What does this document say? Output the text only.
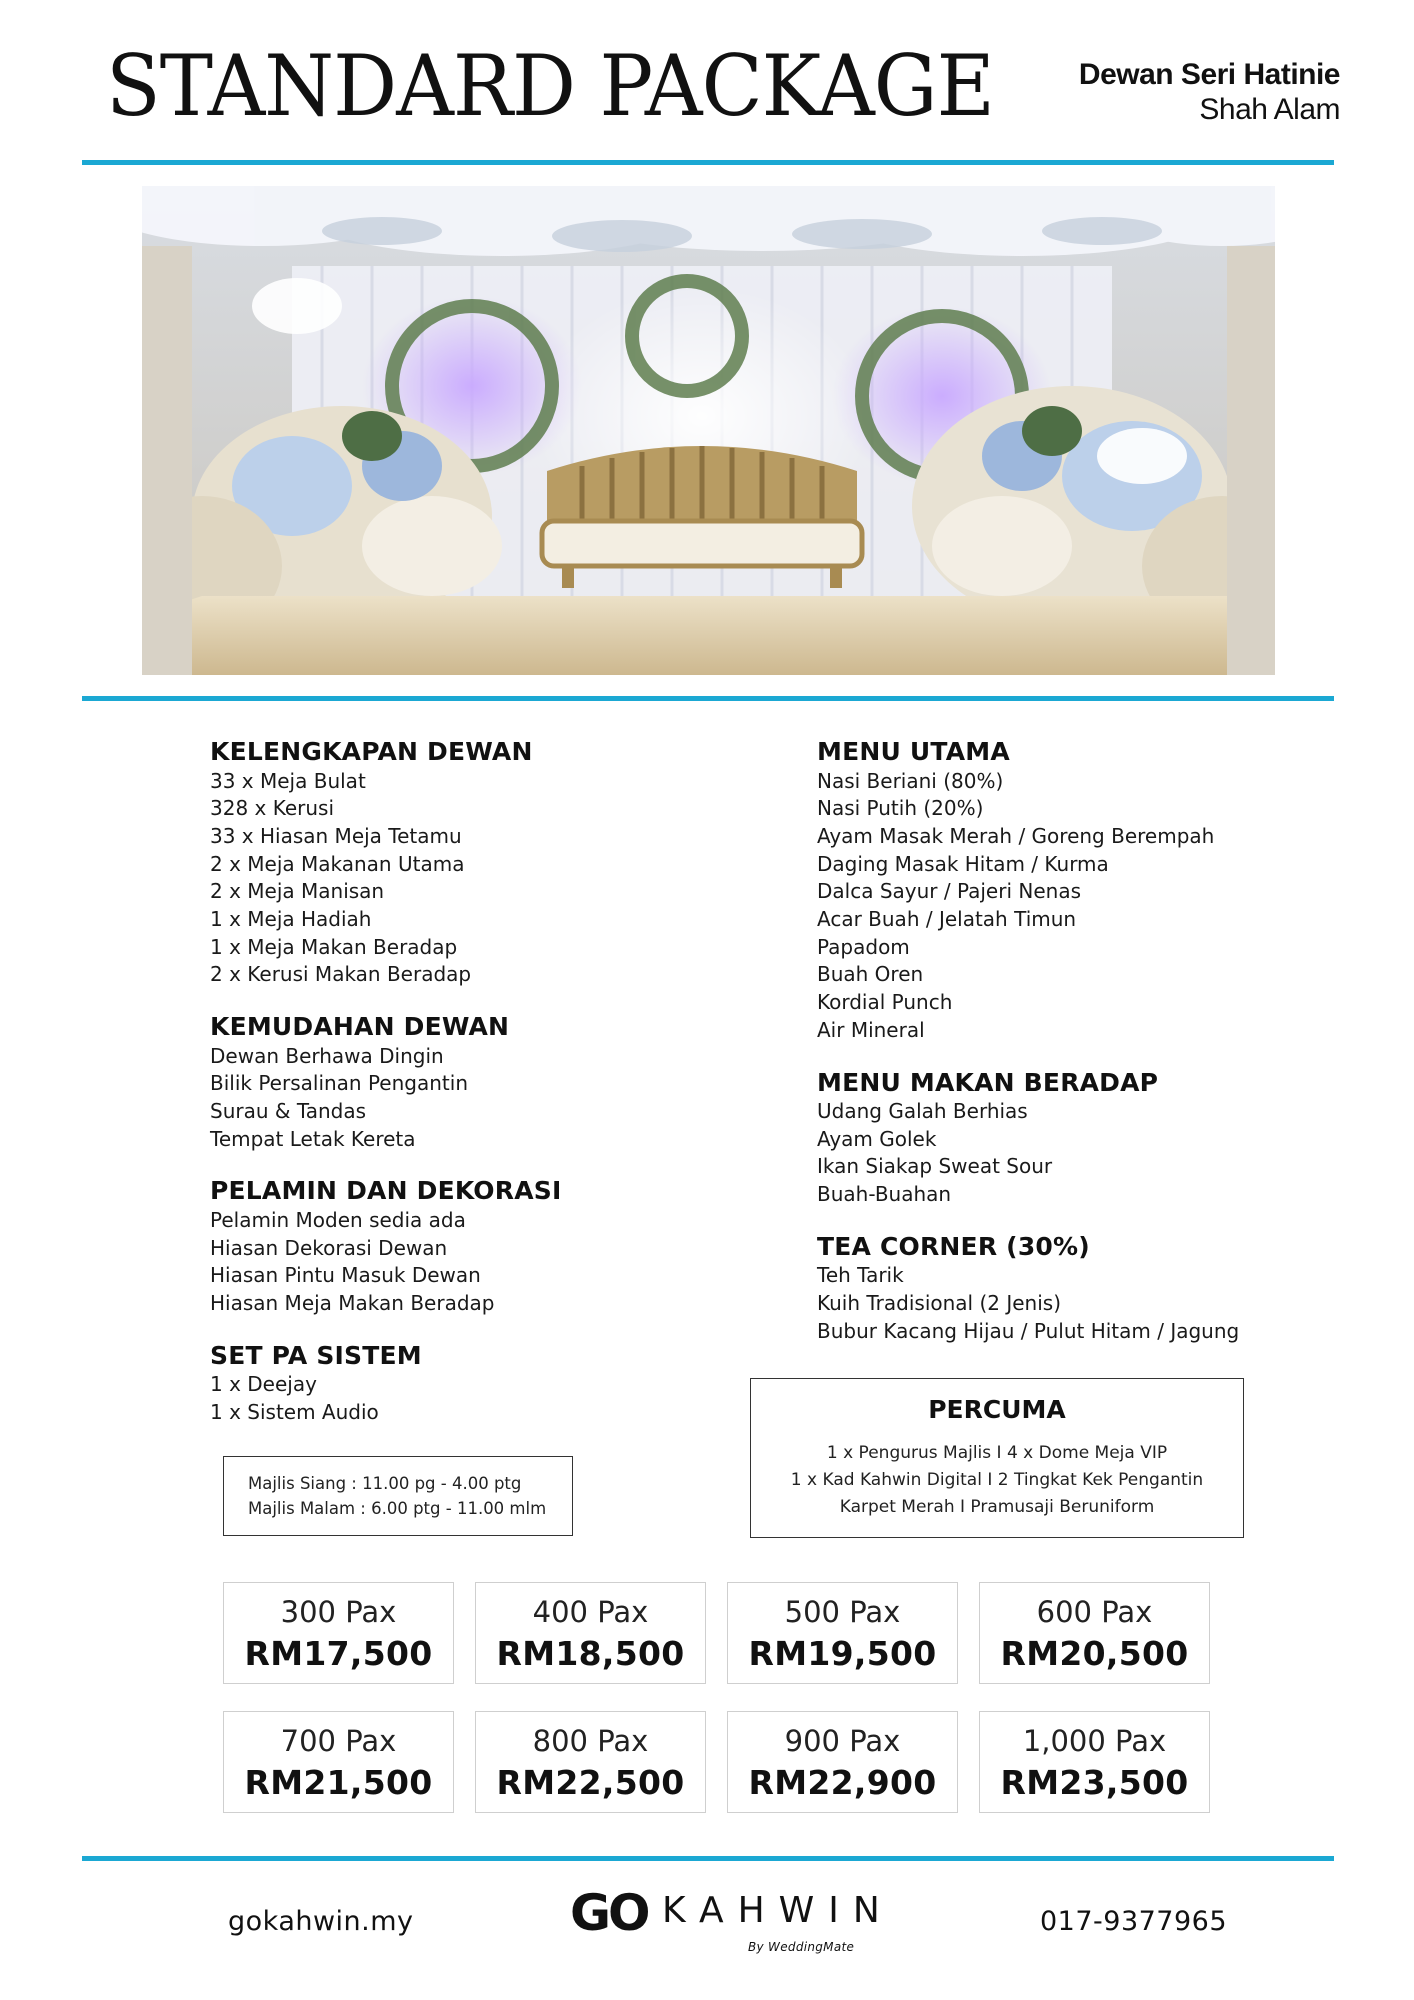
STANDARD PACKAGE	Dewan Seri Hatinie
Shah Alam
KELENGKAPAN DEWAN
33 x Meja Bulat
328 x Kerusi
33 x Hiasan Meja Tetamu
2 x Meja Makanan Utama
2 x Meja Manisan
1 x Meja Hadiah
1 x Meja Makan Beradap
2 x Kerusi Makan Beradap
KEMUDAHAN DEWAN
Dewan Berhawa Dingin
Bilik Persalinan Pengantin
Surau & Tandas
Tempat Letak Kereta
PELAMIN DAN DEKORASI
Pelamin Moden sedia ada
Hiasan Dekorasi Dewan
Hiasan Pintu Masuk Dewan
Hiasan Meja Makan Beradap
SET PA SISTEM
1 x Deejay
1 x Sistem Audio
MENU UTAMA
Nasi Beriani (80%)
Nasi Putih (20%)
Ayam Masak Merah / Goreng Berempah
Daging Masak Hitam / Kurma
Dalca Sayur / Pajeri Nenas
Acar Buah / Jelatah Timun
Papadom
Buah Oren
Kordial Punch
Air Mineral
MENU MAKAN BERADAP
Udang Galah Berhias
Ayam Golek
Ikan Siakap Sweat Sour
Buah-Buahan
TEA CORNER (30%)
Teh Tarik
Kuih Tradisional (2 Jenis)
Bubur Kacang Hijau / Pulut Hitam / Jagung
Majlis Siang : 11.00 pg - 4.00 ptg
Majlis Malam : 6.00 ptg - 11.00 mlm
PERCUMA
1 x Pengurus Majlis I 4 x Dome Meja VIP
1 x Kad Kahwin Digital I 2 Tingkat Kek Pengantin
Karpet Merah I Pramusaji Beruniform
300 Pax
RM17,500
400 Pax
RM18,500
500 Pax
RM19,500
600 Pax
RM20,500
700 Pax
RM21,500
800 Pax
RM22,500
900 Pax
RM22,900
1,000 Pax
RM23,500
gokahwin.my	GO KAHWIN
By WeddingMate
017-9377965
